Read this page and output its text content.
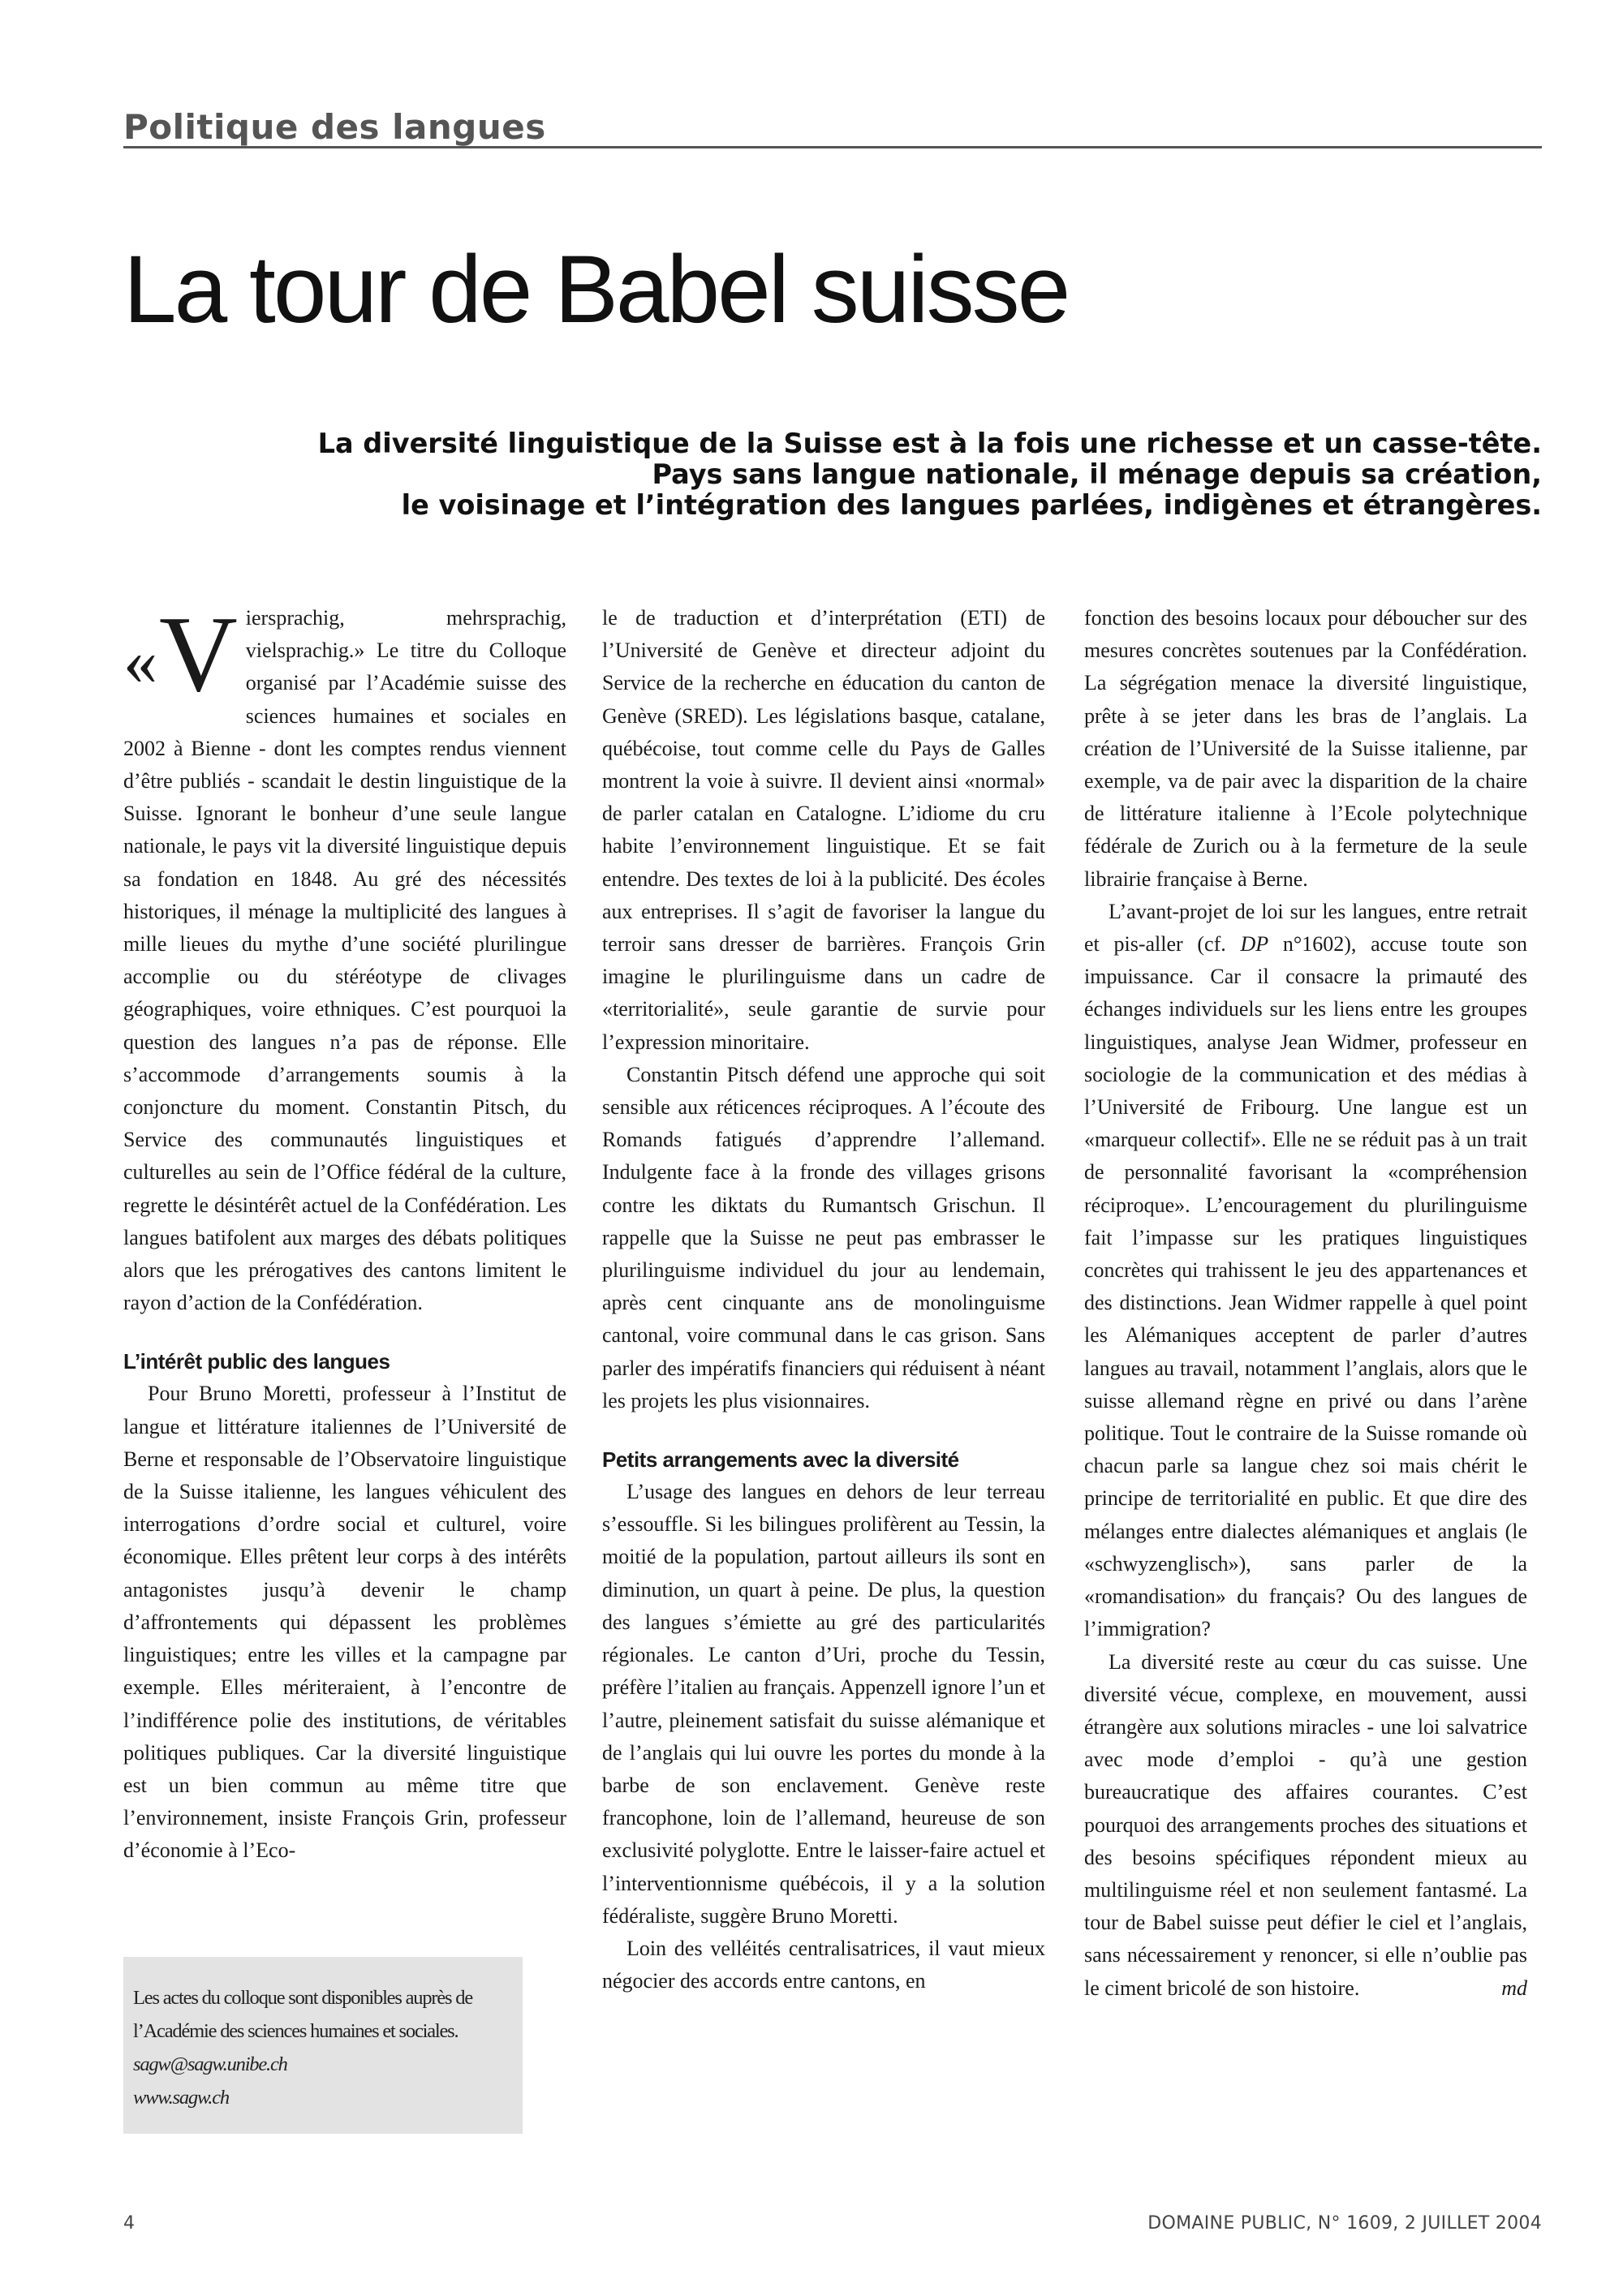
Politique des langues
La tour de Babel suisse
La diversité linguistique de la Suisse est à la fois une richesse et un casse-tête.
Pays sans langue nationale, il ménage depuis sa création,
le voisinage et l’intégration des langues parlées, indigènes et étrangères.
« V iersprachig, mehrsprachig, vielsprachig.» Le titre du Colloque organisé par l’Académie suisse des sciences humaines et sociales en 2002 à Bienne - dont les comptes rendus viennent d’être publiés - scandait le destin linguistique de la Suisse. Ignorant le bonheur d’une seule langue nationale, le pays vit la diversité linguistique depuis sa fondation en 1848. Au gré des nécessités historiques, il ménage la multiplicité des langues à mille lieues du mythe d’une société plurilingue accomplie ou du stéréotype de clivages géographiques, voire ethniques. C’est pourquoi la question des langues n’a pas de réponse. Elle s’accommode d’arrangements soumis à la conjoncture du moment. Constantin Pitsch, du Service des communautés linguistiques et culturelles au sein de l’Office fédéral de la culture, regrette le désintérêt actuel de la Confédération. Les langues batifolent aux marges des débats politiques alors que les prérogatives des cantons limitent le rayon d’action de la Confédération.

L’intérêt public des langues

Pour Bruno Moretti, professeur à l’Institut de langue et littérature italiennes de l’Université de Berne et responsable de l’Observatoire linguistique de la Suisse italienne, les langues véhiculent des interrogations d’ordre social et culturel, voire économique. Elles prêtent leur corps à des intérêts antagonistes jusqu’à devenir le champ d’affrontements qui dépassent les problèmes linguistiques; entre les villes et la campagne par exemple. Elles mériteraient, à l’encontre de l’indifférence polie des institutions, de véritables politiques publiques. Car la diversité linguistique est un bien commun au même titre que l’environnement, insiste François Grin, professeur d’économie à l’Eco-

le de traduction et d’interprétation (ETI) de l’Université de Genève et directeur adjoint du Service de la recherche en éducation du canton de Genève (SRED). Les législations basque, catalane, québécoise, tout comme celle du Pays de Galles montrent la voie à suivre. Il devient ainsi «normal» de parler catalan en Catalogne. L’idiome du cru habite l’environnement linguistique. Et se fait entendre. Des textes de loi à la publicité. Des écoles aux entreprises. Il s’agit de favoriser la langue du terroir sans dresser de barrières. François Grin imagine le plurilinguisme dans un cadre de «territorialité», seule garantie de survie pour l’expression minoritaire.

Constantin Pitsch défend une approche qui soit sensible aux réticences réciproques. A l’écoute des Romands fatigués d’apprendre l’allemand. Indulgente face à la fronde des villages grisons contre les diktats du Rumantsch Grischun. Il rappelle que la Suisse ne peut pas embrasser le plurilinguisme individuel du jour au lendemain, après cent cinquante ans de monolinguisme cantonal, voire communal dans le cas grison. Sans parler des impératifs financiers qui réduisent à néant les projets les plus visionnaires.

Petits arrangements avec la diversité

L’usage des langues en dehors de leur terreau s’essouffle. Si les bilingues prolifèrent au Tessin, la moitié de la population, partout ailleurs ils sont en diminution, un quart à peine. De plus, la question des langues s’émiette au gré des particularités régionales. Le canton d’Uri, proche du Tessin, préfère l’italien au français. Appenzell ignore l’un et l’autre, pleinement satisfait du suisse alémanique et de l’anglais qui lui ouvre les portes du monde à la barbe de son enclavement. Genève reste francophone, loin de l’allemand, heureuse de son exclusivité polyglotte. Entre le laisser-faire actuel et l’interventionnisme québécois, il y a la solution fédéraliste, suggère Bruno Moretti.

Loin des velléités centralisatrices, il vaut mieux négocier des accords entre cantons, en

fonction des besoins locaux pour déboucher sur des mesures concrètes soutenues par la Confédération. La ségrégation menace la diversité linguistique, prête à se jeter dans les bras de l’anglais. La création de l’Université de la Suisse italienne, par exemple, va de pair avec la disparition de la chaire de littérature italienne à l’Ecole polytechnique fédérale de Zurich ou à la fermeture de la seule librairie française à Berne.

L’avant-projet de loi sur les langues, entre retrait et pis-aller (cf. DP n°1602), accuse toute son impuissance. Car il consacre la primauté des échanges individuels sur les liens entre les groupes linguistiques, analyse Jean Widmer, professeur en sociologie de la communication et des médias à l’Université de Fribourg. Une langue est un «marqueur collectif». Elle ne se réduit pas à un trait de personnalité favorisant la «compréhension réciproque». L’encouragement du plurilinguisme fait l’impasse sur les pratiques linguistiques concrètes qui trahissent le jeu des appartenances et des distinctions. Jean Widmer rappelle à quel point les Alémaniques acceptent de parler d’autres langues au travail, notamment l’anglais, alors que le suisse allemand règne en privé ou dans l’arène politique. Tout le contraire de la Suisse romande où chacun parle sa langue chez soi mais chérit le principe de territorialité en public. Et que dire des mélanges entre dialectes alémaniques et anglais (le «schwyzenglisch»), sans parler de la «romandisation» du français? Ou des langues de l’immigration?

La diversité reste au cœur du cas suisse. Une diversité vécue, complexe, en mouvement, aussi étrangère aux solutions miracles - une loi salvatrice avec mode d’emploi - qu’à une gestion bureaucratique des affaires courantes. C’est pourquoi des arrangements proches des situations et des besoins spécifiques répondent mieux au multilinguisme réel et non seulement fantasmé. La tour de Babel suisse peut défier le ciel et l’anglais, sans nécessairement y renoncer, si elle n’oublie pas le ciment bricolé de son histoire.	md

Les actes du colloque sont disponibles auprès de l’Académie des sciences humaines et sociales.
sagw@sagw.unibe.ch
www.sagw.ch
4	DOMAINE PUBLIC, N° 1609, 2 JUILLET 2004
